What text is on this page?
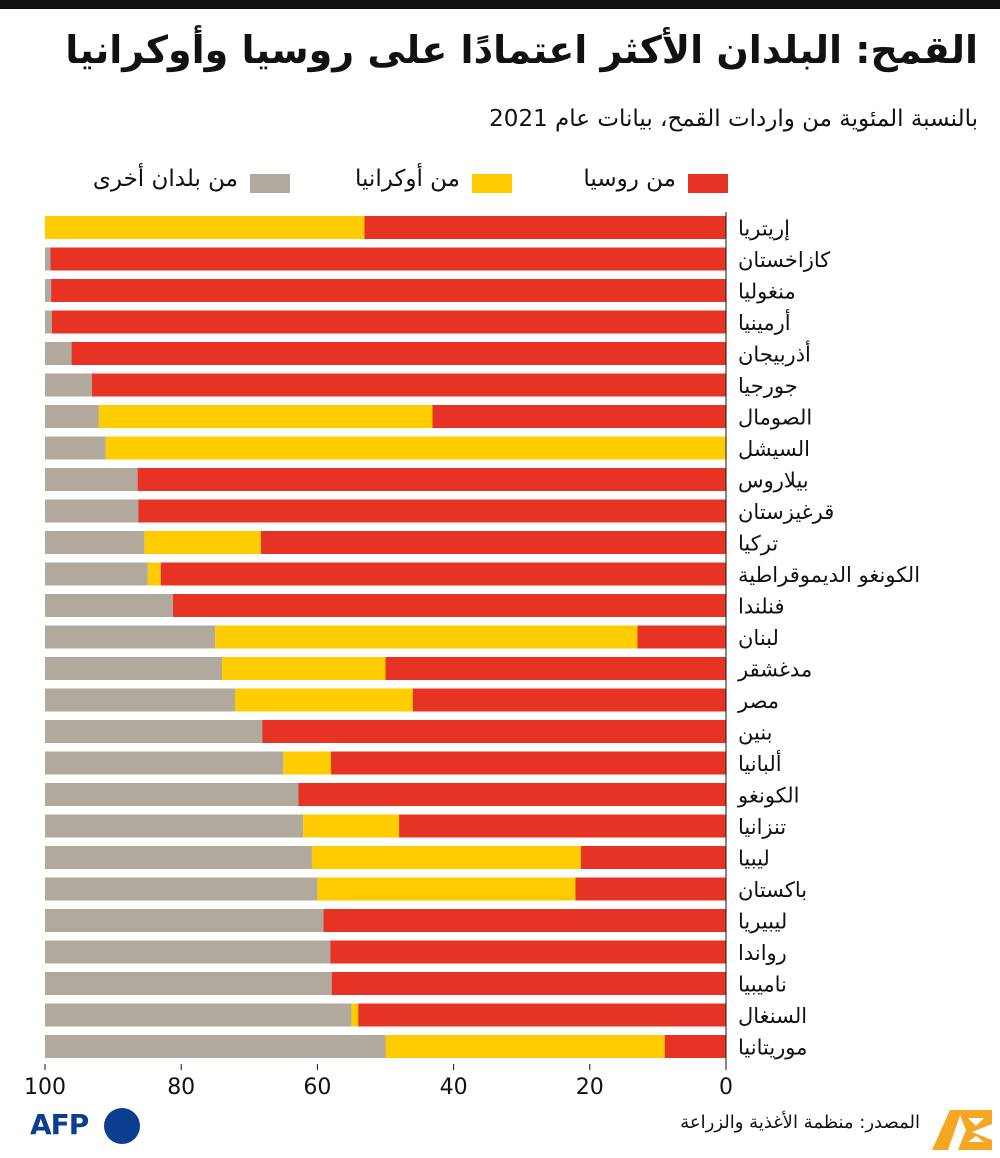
القمح: البلدان الأكثر اعتمادًا على روسيا وأوكرانيا
بالنسبة المئوية من واردات القمح، بيانات عام 2021
من روسيا
من أوكرانيا
من بلدان أخرى
إريتريا
كازاخستان
منغوليا
أرمينيا
أذربيجان
جورجيا
الصومال
السيشل
بيلاروس
قرغيزستان
تركيا
الكونغو الديموقراطية
فنلندا
لبنان
مدغشقر
مصر
بنين
ألبانيا
الكونغو
تنزانيا
ليبيا
باكستان
ليبيريا
رواندا
ناميبيا
السنغال
موريتانيا
100	80	60	40	20	0
AFP	المصدر: منظمة الأغذية والزراعة
